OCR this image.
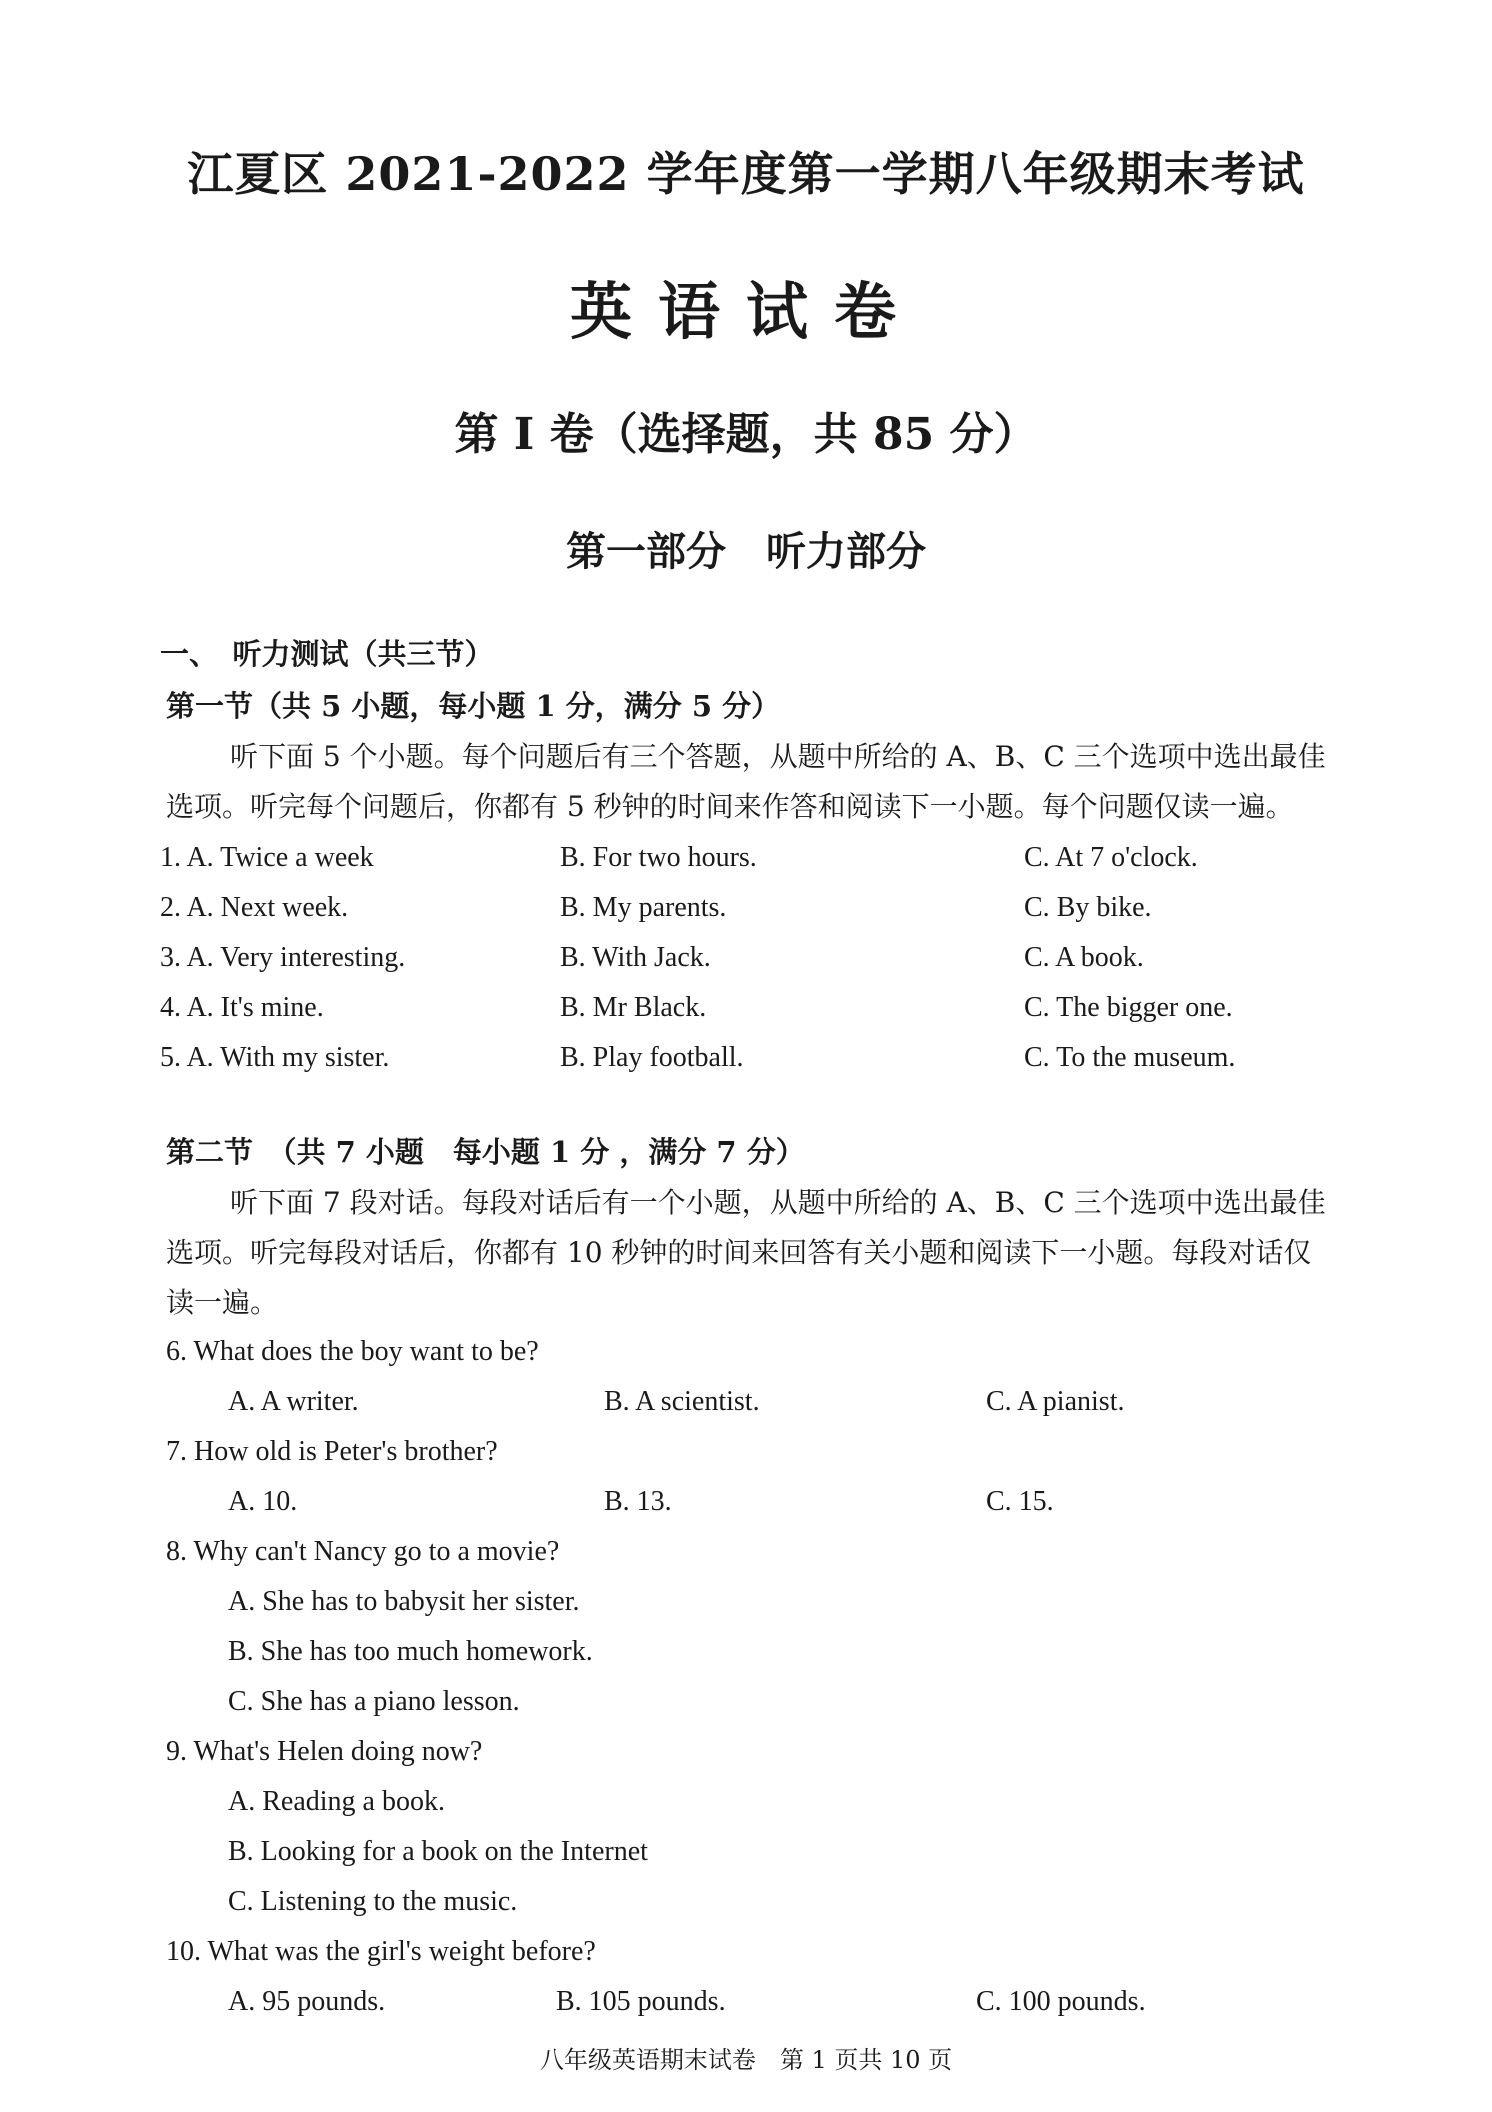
江夏区 2021-2022 学年度第一学期八年级期末考试
英语试卷
第 I 卷（选择题，共 85 分）
第一部分　听力部分
一、　听力测试（共三节）
第一节（共 5 小题，每小题 1 分，满分 5 分）
听下面 5 个小题。每个问题后有三个答题，从题中所给的 A、B、C 三个选项中选出最佳
选项。听完每个问题后，你都有 5 秒钟的时间来作答和阅读下一小题。每个问题仅读一遍。
1. A. Twice a week	B. For two hours.	C. At 7 o'clock.
2. A. Next week.	B. My parents.	C. By bike.
3. A. Very interesting.	B. With Jack.	C. A book.
4. A. It's mine.	B. Mr Black.	C. The bigger one.
5. A. With my sister.	B. Play football.	C. To the museum.
第二节　（共 7 小题　每小题 1 分 ，满分 7 分）
听下面 7 段对话。每段对话后有一个小题，从题中所给的 A、B、C 三个选项中选出最佳
选项。听完每段对话后，你都有 10 秒钟的时间来回答有关小题和阅读下一小题。每段对话仅
读一遍。
6. What does the boy want to be?
A. A writer.	B. A scientist.	C. A pianist.
7. How old is Peter's brother?
A. 10.	B. 13.	C. 15.
8. Why can't Nancy go to a movie?
A. She has to babysit her sister.
B. She has too much homework.
C. She has a piano lesson.
9. What's Helen doing now?
A. Reading a book.
B. Looking for a book on the Internet
C. Listening to the music.
10. What was the girl's weight before?
A. 95 pounds.	B. 105 pounds.	C. 100 pounds.
八年级英语期末试卷　第 1 页共 10 页
